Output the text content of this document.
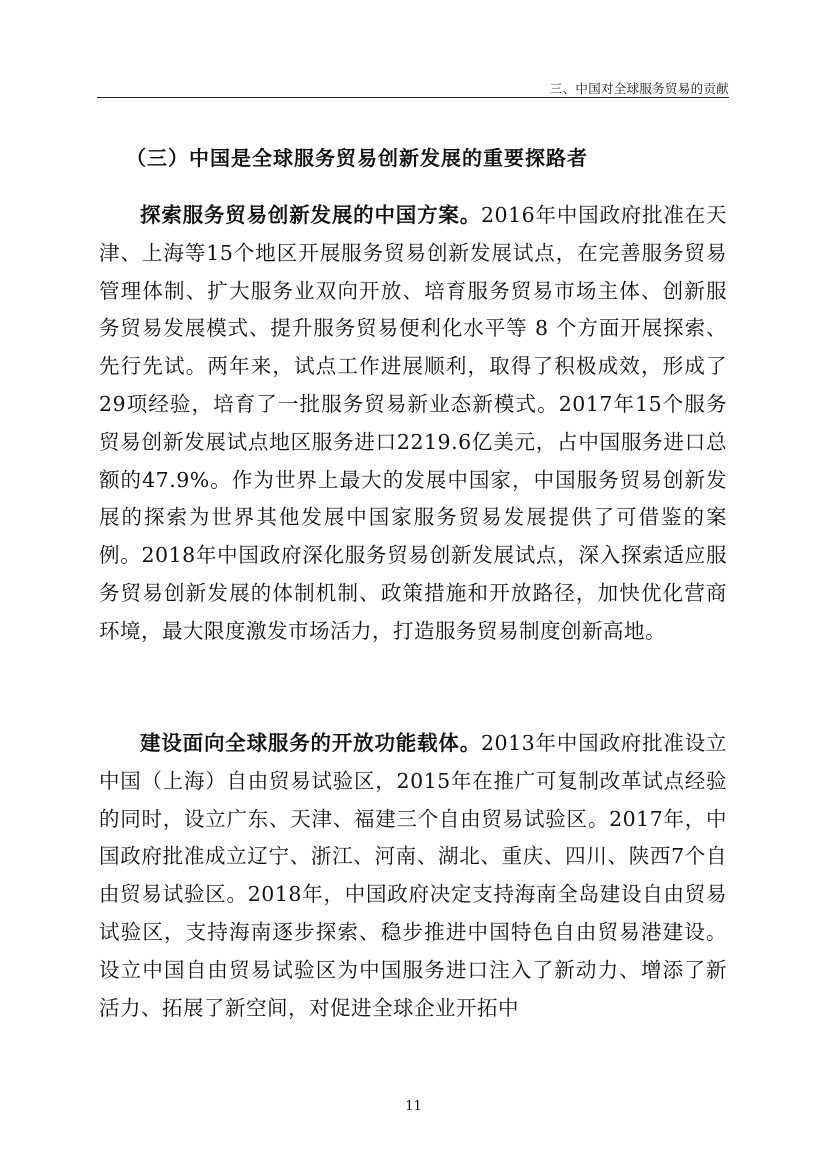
三、中国对全球服务贸易的贡献
（三）中国是全球服务贸易创新发展的重要探路者

探索服务贸易创新发展的中国方案。2016年中国政府批准在天津、上海等15个地区开展服务贸易创新发展试点，在完善服务贸易管理体制、扩大服务业双向开放、培育服务贸易市场主体、创新服务贸易发展模式、提升服务贸易便利化水平等 8 个方面开展探索、先行先试。两年来，试点工作进展顺利，取得了积极成效，形成了29项经验，培育了一批服务贸易新业态新模式。2017年15个服务贸易创新发展试点地区服务进口2219.6亿美元，占中国服务进口总额的47.9%。作为世界上最大的发展中国家，中国服务贸易创新发展的探索为世界其他发展中国家服务贸易发展提供了可借鉴的案例。2018年中国政府深化服务贸易创新发展试点，深入探索适应服务贸易创新发展的体制机制、政策措施和开放路径，加快优化营商环境，最大限度激发市场活力，打造服务贸易制度创新高地。

建设面向全球服务的开放功能载体。2013年中国政府批准设立中国（上海）自由贸易试验区，2015年在推广可复制改革试点经验的同时，设立广东、天津、福建三个自由贸易试验区。2017年，中国政府批准成立辽宁、浙江、河南、湖北、重庆、四川、陕西7个自由贸易试验区。2018年，中国政府决定支持海南全岛建设自由贸易试验区，支持海南逐步探索、稳步推进中国特色自由贸易港建设。设立中国自由贸易试验区为中国服务进口注入了新动力、增添了新活力、拓展了新空间，对促进全球企业开拓中

11
